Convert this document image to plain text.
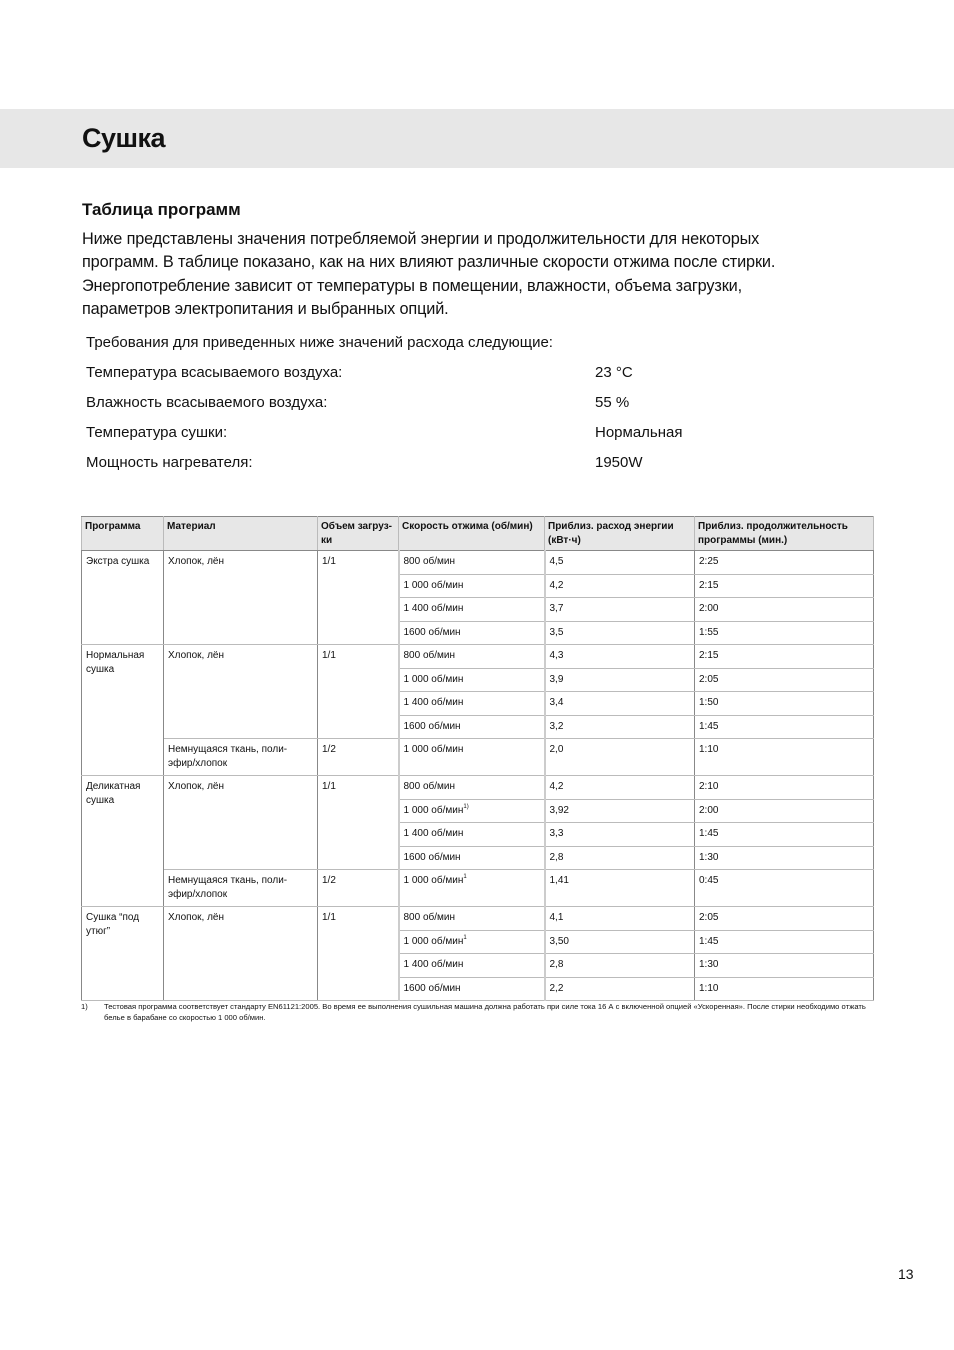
Сушка
Таблица программ
Ниже представлены значения потребляемой энергии и продолжительности для некоторых
программ. В таблице показано, как на них влияют различные скорости отжима после стирки.
Энергопотребление зависит от температуры в помещении, влажности, объема загрузки,
параметров электропитания и выбранных опций.
Требования для приведенных ниже значений расхода следующие:
Температура всасываемого воздуха:	23 °C
Влажность всасываемого воздуха:	55 %
Температура сушки:	Нормальная
Мощность нагревателя:	1950W
Программа	Материал	Объем загруз-ки	Скорость отжима (об/мин)	Приблиз. расход энергии (кВт·ч)	Приблиз. продолжительность программы (мин.)
Экстра сушка	Хлопок, лён	1/1	800 об/мин	4,5	2:25
			1 000 об/мин	4,2	2:15
			1 400 об/мин	3,7	2:00
			1600 об/мин	3,5	1:55
Нормальная сушка	Хлопок, лён	1/1	800 об/мин	4,3	2:15
			1 000 об/мин	3,9	2:05
			1 400 об/мин	3,4	1:50
			1600 об/мин	3,2	1:45
	Немнущаяся ткань, поли-эфир/хлопок	1/2	1 000 об/мин	2,0	1:10
Деликатная сушка	Хлопок, лён	1/1	800 об/мин	4,2	2:10
			1 000 об/мин$^{1)}$	3,92	2:00
			1 400 об/мин	3,3	1:45
			1600 об/мин	2,8	1:30
	Немнущаяся ткань, поли-эфир/хлопок	1/2	1 000 об/мин$^1$	1,41	0:45
Сушка “под утюг”	Хлопок, лён	1/1	800 об/мин	4,1	2:05
			1 000 об/мин$^1$	3,50	1:45
			1 400 об/мин	2,8	1:30
			1600 об/мин	2,2	1:10
1) Тестовая программа соответствует стандарту EN61121:2005. Во время ее выполнения сушильная машина должна работать при силе тока 16 А с включенной опцией «Ускоренная». После стирки необходимо отжать белье в барабане со скоростью 1 000 об/мин.
13
